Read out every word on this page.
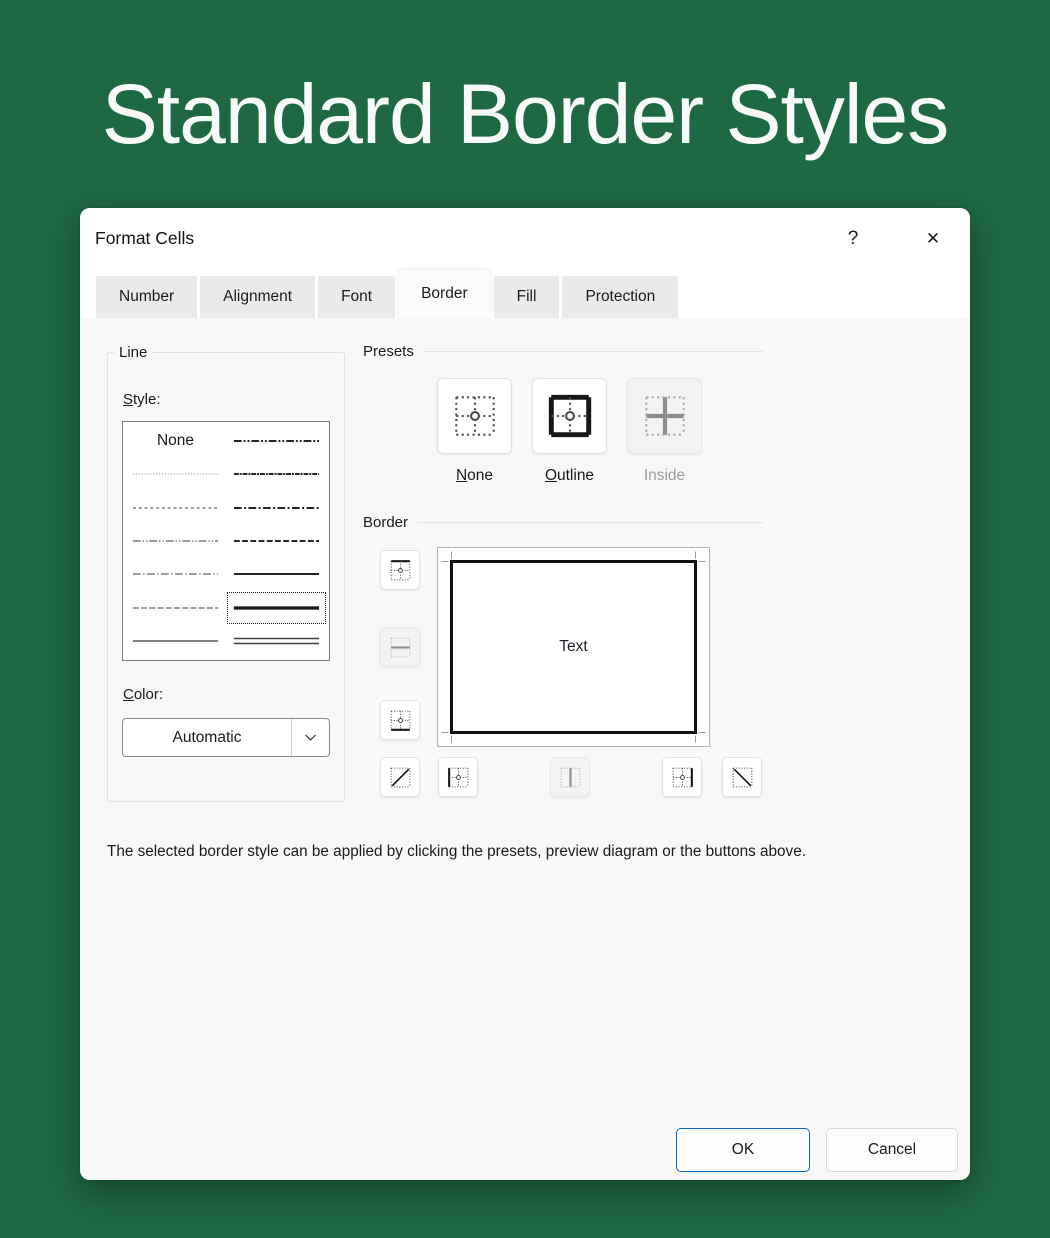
Standard Border Styles
Format Cells	?	✕
Number	Alignment	Font	Border	Fill	Protection
Line
Style:
None
Color:
Automatic
Presets
None	Outline	Inside
Border
Text

The selected border style can be applied by clicking the presets, preview diagram or the buttons above.

OK	Cancel
